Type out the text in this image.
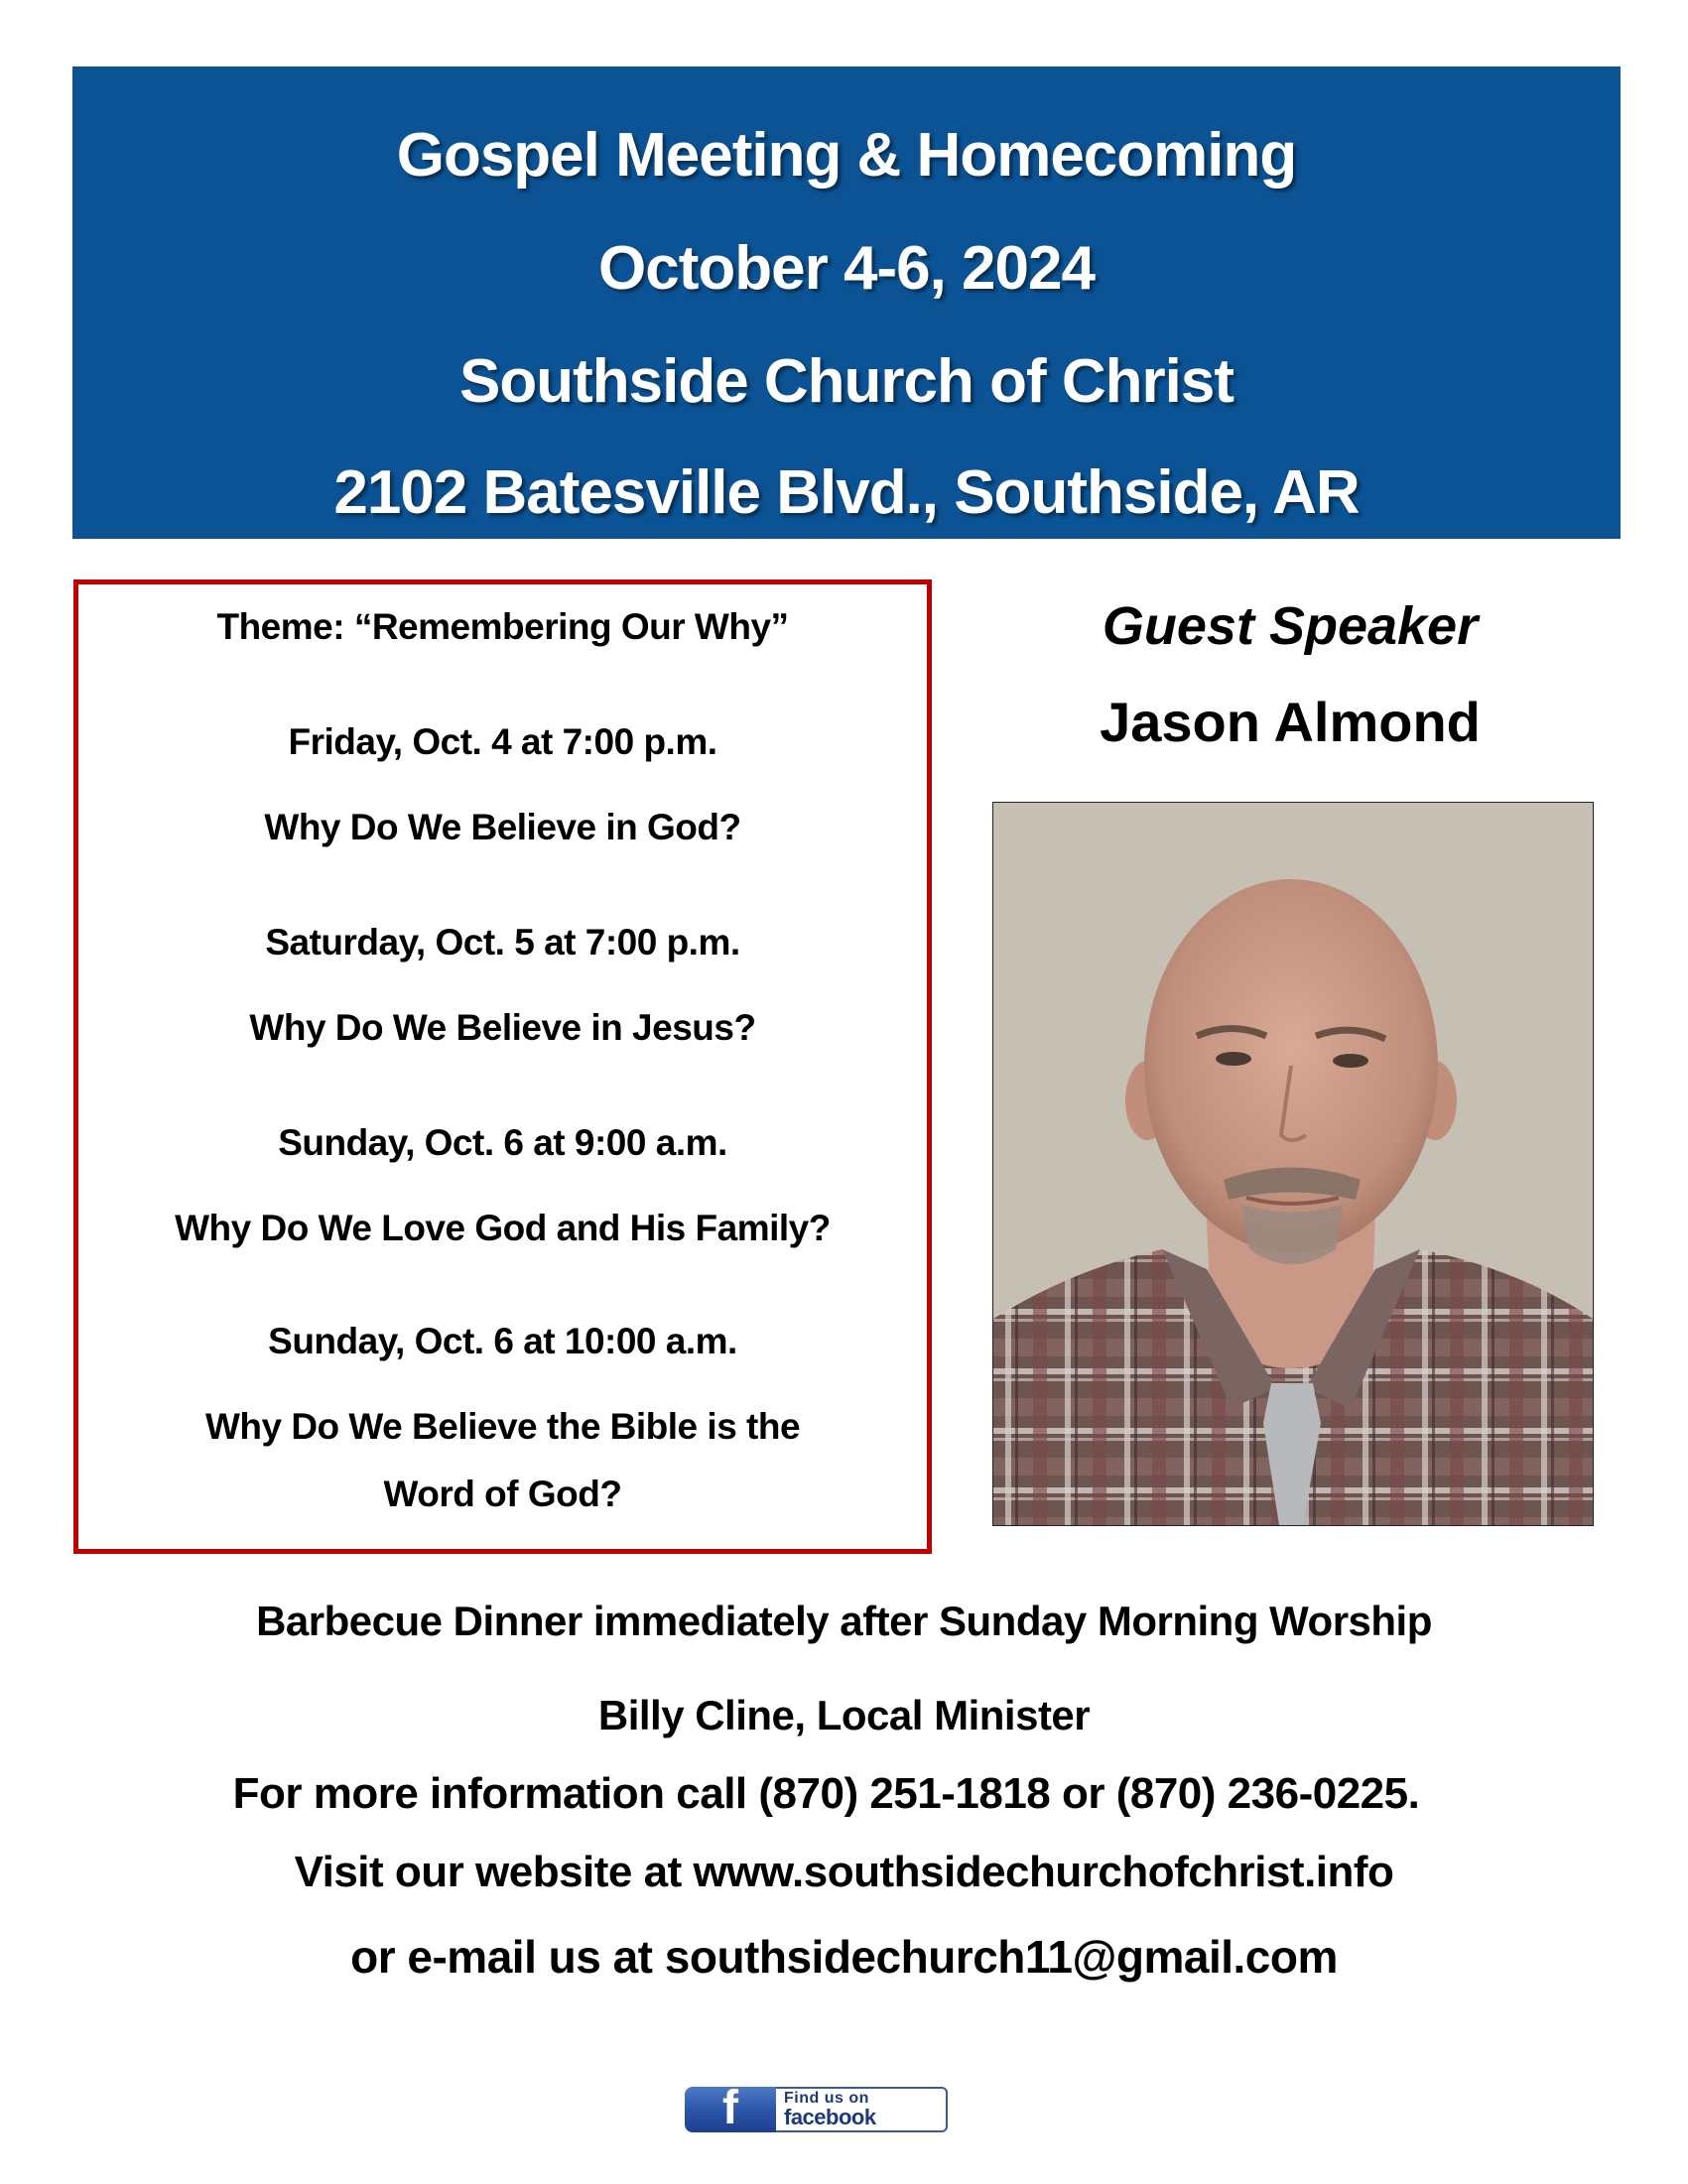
Gospel Meeting & Homecoming
October 4-6, 2024
Southside Church of Christ
2102 Batesville Blvd., Southside, AR
Theme: “Remembering Our Why”
Friday, Oct. 4 at 7:00 p.m.
Why Do We Believe in God?
Saturday, Oct. 5 at 7:00 p.m.
Why Do We Believe in Jesus?
Sunday, Oct. 6 at 9:00 a.m.
Why Do We Love God and His Family?
Sunday, Oct. 6 at 10:00 a.m.
Why Do We Believe the Bible is the
Word of God?
Guest Speaker
Jason Almond
Barbecue Dinner immediately after Sunday Morning Worship
Billy Cline, Local Minister
For more information call (870) 251-1818 or (870) 236-0225.
Visit our website at www.southsidechurchofchrist.info
or e-mail us at southsidechurch11@gmail.com
f	Find us on
facebook
